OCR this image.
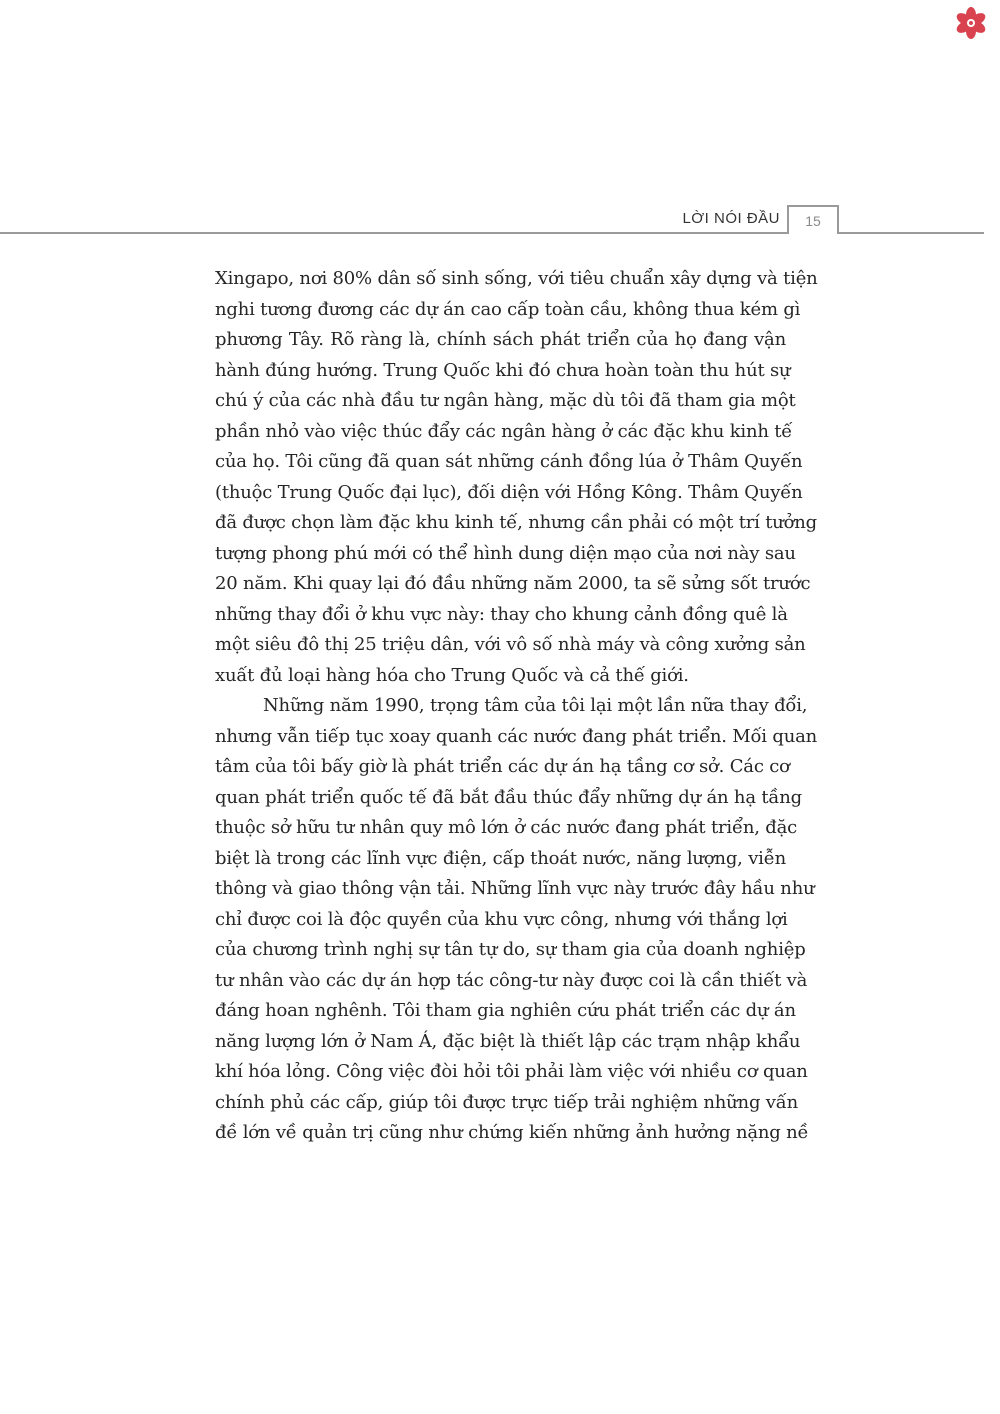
LỜI NÓI ĐẦU	15
Xingapo, nơi 80% dân số sinh sống, với tiêu chuẩn xây dựng và tiện
nghi tương đương các dự án cao cấp toàn cầu, không thua kém gì
phương Tây. Rõ ràng là, chính sách phát triển của họ đang vận
hành đúng hướng. Trung Quốc khi đó chưa hoàn toàn thu hút sự
chú ý của các nhà đầu tư ngân hàng, mặc dù tôi đã tham gia một
phần nhỏ vào việc thúc đẩy các ngân hàng ở các đặc khu kinh tế
của họ. Tôi cũng đã quan sát những cánh đồng lúa ở Thâm Quyến
(thuộc Trung Quốc đại lục), đối diện với Hồng Kông. Thâm Quyến
đã được chọn làm đặc khu kinh tế, nhưng cần phải có một trí tưởng
tượng phong phú mới có thể hình dung diện mạo của nơi này sau
20 năm. Khi quay lại đó đầu những năm 2000, ta sẽ sửng sốt trước
những thay đổi ở khu vực này: thay cho khung cảnh đồng quê là
một siêu đô thị 25 triệu dân, với vô số nhà máy và công xưởng sản
xuất đủ loại hàng hóa cho Trung Quốc và cả thế giới.
Những năm 1990, trọng tâm của tôi lại một lần nữa thay đổi,
nhưng vẫn tiếp tục xoay quanh các nước đang phát triển. Mối quan
tâm của tôi bấy giờ là phát triển các dự án hạ tầng cơ sở. Các cơ
quan phát triển quốc tế đã bắt đầu thúc đẩy những dự án hạ tầng
thuộc sở hữu tư nhân quy mô lớn ở các nước đang phát triển, đặc
biệt là trong các lĩnh vực điện, cấp thoát nước, năng lượng, viễn
thông và giao thông vận tải. Những lĩnh vực này trước đây hầu như
chỉ được coi là độc quyền của khu vực công, nhưng với thắng lợi
của chương trình nghị sự tân tự do, sự tham gia của doanh nghiệp
tư nhân vào các dự án hợp tác công-tư này được coi là cần thiết và
đáng hoan nghênh. Tôi tham gia nghiên cứu phát triển các dự án
năng lượng lớn ở Nam Á, đặc biệt là thiết lập các trạm nhập khẩu
khí hóa lỏng. Công việc đòi hỏi tôi phải làm việc với nhiều cơ quan
chính phủ các cấp, giúp tôi được trực tiếp trải nghiệm những vấn
đề lớn về quản trị cũng như chứng kiến những ảnh hưởng nặng nề
